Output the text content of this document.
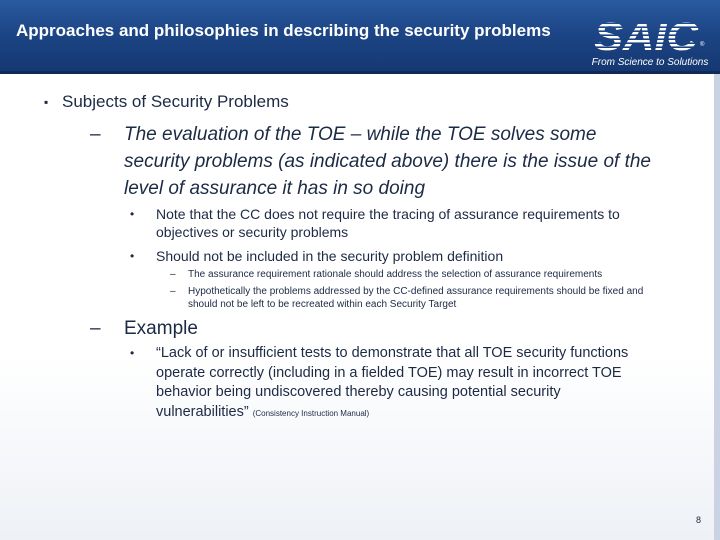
Approaches and philosophies in describing the security problems	SAIC ®
From Science to Solutions
▪ Subjects of Security Problems
– The evaluation of the TOE – while the TOE solves some security problems (as indicated above) there is the issue of the level of assurance it has in so doing
• Note that the CC does not require the tracing of assurance requirements to objectives or security problems
• Should not be included in the security problem definition
– The assurance requirement rationale should address the selection of assurance requirements
– Hypothetically the problems addressed by the CC-defined assurance requirements should be fixed and should not be left to be recreated within each Security Target
– Example
• “Lack of or insufficient tests to demonstrate that all TOE security functions operate correctly (including in a fielded TOE) may result in incorrect TOE behavior being undiscovered thereby causing potential security vulnerabilities” (Consistency Instruction Manual)
8
